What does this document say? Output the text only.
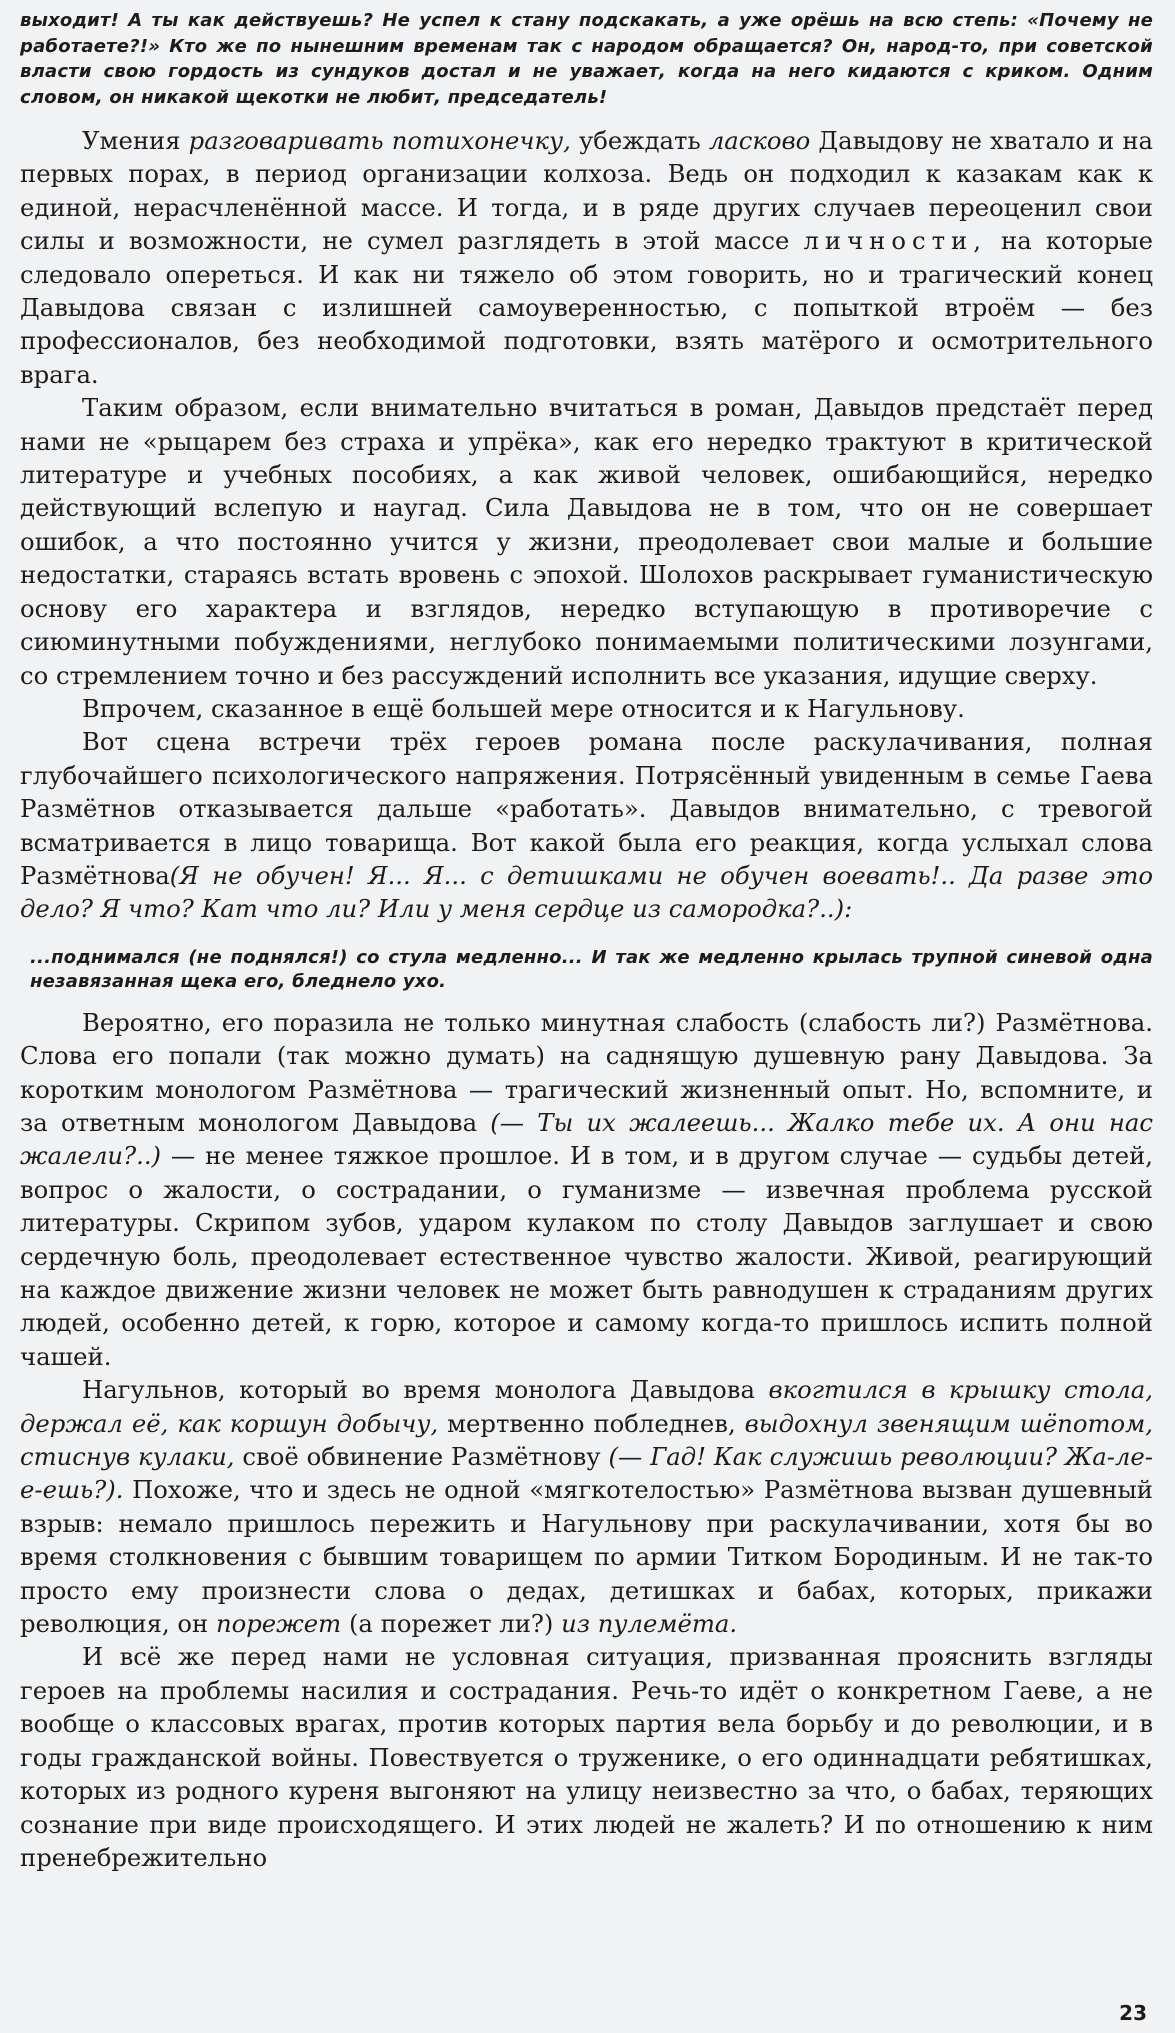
выходит! А ты как действуешь? Не успел к стану подскакать, а уже орёшь на всю степь: «Почему не работаете?!» Кто же по нынешним временам так с народом обращается? Он, народ-то, при советской власти свою гордость из сундуков достал и не уважает, когда на него кидаются с криком. Одним словом, он никакой щекотки не любит, председатель!

Умения разговаривать потихонечку, убеждать ласково Давыдову не хватало и на первых порах, в период организации колхоза. Ведь он подходил к казакам как к единой, нерасчленённой массе. И тогда, и в ряде других случаев переоценил свои силы и возможности, не сумел разглядеть в этой массе личности, на которые следовало опереться. И как ни тяжело об этом говорить, но и трагический конец Давыдова связан с излишней самоуверенностью, с попыткой втроём — без профессионалов, без необходимой подготовки, взять матёрого и осмотрительного врага.

Таким образом, если внимательно вчитаться в роман, Давыдов предстаёт перед нами не «рыцарем без страха и упрёка», как его нередко трактуют в критической литературе и учебных пособиях, а как живой человек, ошибающийся, нередко действующий вслепую и наугад. Сила Давыдова не в том, что он не совершает ошибок, а что постоянно учится у жизни, преодолевает свои малые и большие недостатки, стараясь встать вровень с эпохой. Шолохов раскрывает гуманистическую основу его характера и взглядов, нередко вступающую в противоречие с сиюминутными побуждениями, неглубоко понимаемыми политическими лозунгами, со стремлением точно и без рассуждений исполнить все указания, идущие сверху.

Впрочем, сказанное в ещё большей мере относится и к Нагульнову.

Вот сцена встречи трёх героев романа после раскулачивания, полная глубочайшего психологического напряжения. Потрясённый увиденным в семье Гаева Размётнов отказывается дальше «работать». Давыдов внимательно, с тревогой всматривается в лицо товарища. Вот какой была его реакция, когда услыхал слова Размётнова(Я не обучен! Я... Я... с детишками не обучен воевать!.. Да разве это дело? Я что? Кат что ли? Или у меня сердце из самородка?..):

...поднимался (не поднялся!) со стула медленно... И так же медленно крылась трупной синевой одна незавязанная щека его, бледнело ухо.

Вероятно, его поразила не только минутная слабость (слабость ли?) Размётнова. Слова его попали (так можно думать) на саднящую душевную рану Давыдова. За коротким монологом Размётнова — трагический жизненный опыт. Но, вспомните, и за ответным монологом Давыдова (— Ты их жалеешь... Жалко тебе их. А они нас жалели?..) — не менее тяжкое прошлое. И в том, и в другом случае — судьбы детей, вопрос о жалости, о сострадании, о гуманизме — извечная проблема русской литературы. Скрипом зубов, ударом кулаком по столу Давыдов заглушает и свою сердечную боль, преодолевает естественное чувство жалости. Живой, реагирующий на каждое движение жизни человек не может быть равнодушен к страданиям других людей, особенно детей, к горю, которое и самому когда-то пришлось испить полной чашей.

Нагульнов, который во время монолога Давыдова вкогтился в крышку стола, держал её, как коршун добычу, мертвенно побледнев, выдохнул звенящим шёпотом, стиснув кулаки, своё обвинение Размётнову (— Гад! Как служишь революции? Жа-ле-е-ешь?). Похоже, что и здесь не одной «мягкотелостью» Размётнова вызван душевный взрыв: немало пришлось пережить и Нагульнову при раскулачивании, хотя бы во время столкновения с бывшим товарищем по армии Титком Бородиным. И не так-то просто ему произнести слова о дедах, детишках и бабах, которых, прикажи революция, он порежет (а порежет ли?) из пулемёта.

И всё же перед нами не условная ситуация, призванная прояснить взгляды героев на проблемы насилия и сострадания. Речь-то идёт о конкретном Гаеве, а не вообще о классовых врагах, против которых партия вела борьбу и до революции, и в годы гражданской войны. Повествуется о труженике, о его одиннадцати ребятишках, которых из родного куреня выгоняют на улицу неизвестно за что, о бабах, теряющих сознание при виде происходящего. И этих людей не жалеть? И по отношению к ним пренебрежительно

23
